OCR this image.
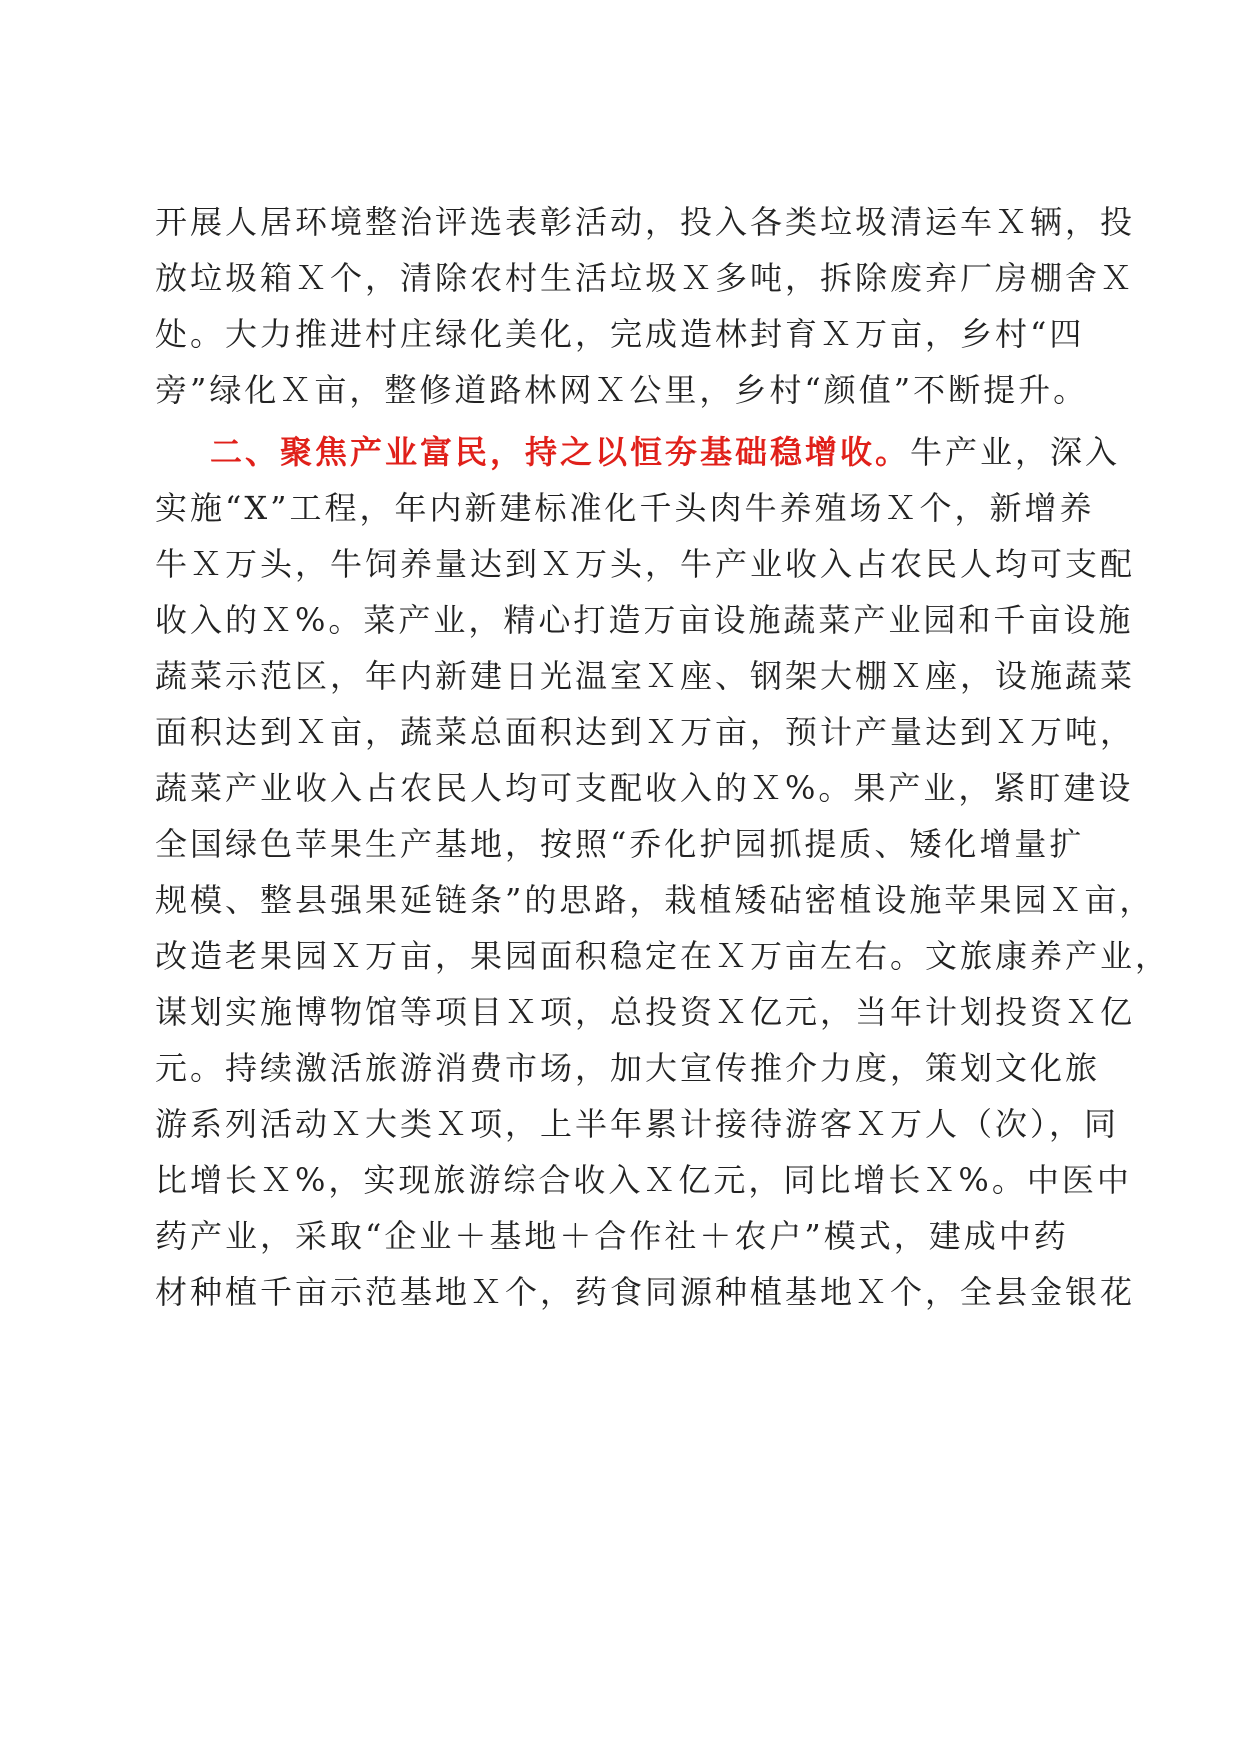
开展人居环境整治评选表彰活动，投入各类垃圾清运车Ｘ辆，投
放垃圾箱Ｘ个，清除农村生活垃圾Ｘ多吨，拆除废弃厂房棚舍Ｘ
处。大力推进村庄绿化美化，完成造林封育Ｘ万亩，乡村“四
旁”绿化Ｘ亩，整修道路林网Ｘ公里，乡村“颜值”不断提升。
二、聚焦产业富民，持之以恒夯基础稳增收。牛产业，深入
实施“X”工程，年内新建标准化千头肉牛养殖场Ｘ个，新增养
牛Ｘ万头，牛饲养量达到Ｘ万头，牛产业收入占农民人均可支配
收入的Ｘ%。菜产业，精心打造万亩设施蔬菜产业园和千亩设施
蔬菜示范区，年内新建日光温室Ｘ座、钢架大棚Ｘ座，设施蔬菜
面积达到Ｘ亩，蔬菜总面积达到Ｘ万亩，预计产量达到Ｘ万吨，
蔬菜产业收入占农民人均可支配收入的Ｘ%。果产业，紧盯建设
全国绿色苹果生产基地，按照“乔化护园抓提质、矮化增量扩
规模、整县强果延链条”的思路，栽植矮砧密植设施苹果园Ｘ亩，
改造老果园Ｘ万亩，果园面积稳定在Ｘ万亩左右。文旅康养产业，
谋划实施博物馆等项目Ｘ项，总投资Ｘ亿元，当年计划投资Ｘ亿
元。持续激活旅游消费市场，加大宣传推介力度，策划文化旅
游系列活动Ｘ大类Ｘ项，上半年累计接待游客Ｘ万人（次），同
比增长Ｘ%，实现旅游综合收入Ｘ亿元，同比增长Ｘ%。中医中
药产业，采取“企业＋基地＋合作社＋农户”模式，建成中药
材种植千亩示范基地Ｘ个，药食同源种植基地Ｘ个，全县金银花
